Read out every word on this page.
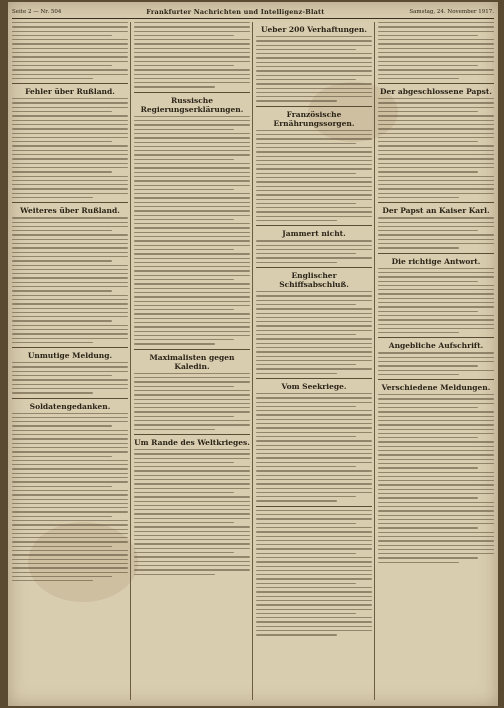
Seite 2 — Nr. 504	Frankfurter Nachrichten und Intelligenz-Blatt	Samstag, 24. November 1917.
Fehler über Rußland.
Weiteres über Rußland.
Unmutige Meldung.
Soldatengedanken.
Russische Regierungserklärungen.
Maximalisten gegen Kaledin.
Um Rande des Weltkrieges.
Ueber 200 Verhaftungen.
Französische Ernährungssorgen.
Jammert nicht.
Englischer Schiffsabschluß.
Vom Seekriege.
Der abgeschlossene Papst.
Der Papst an Kaiser Karl.
Die richtige Antwort.
Angebliche Aufschrift.
Verschiedene Meldungen.
